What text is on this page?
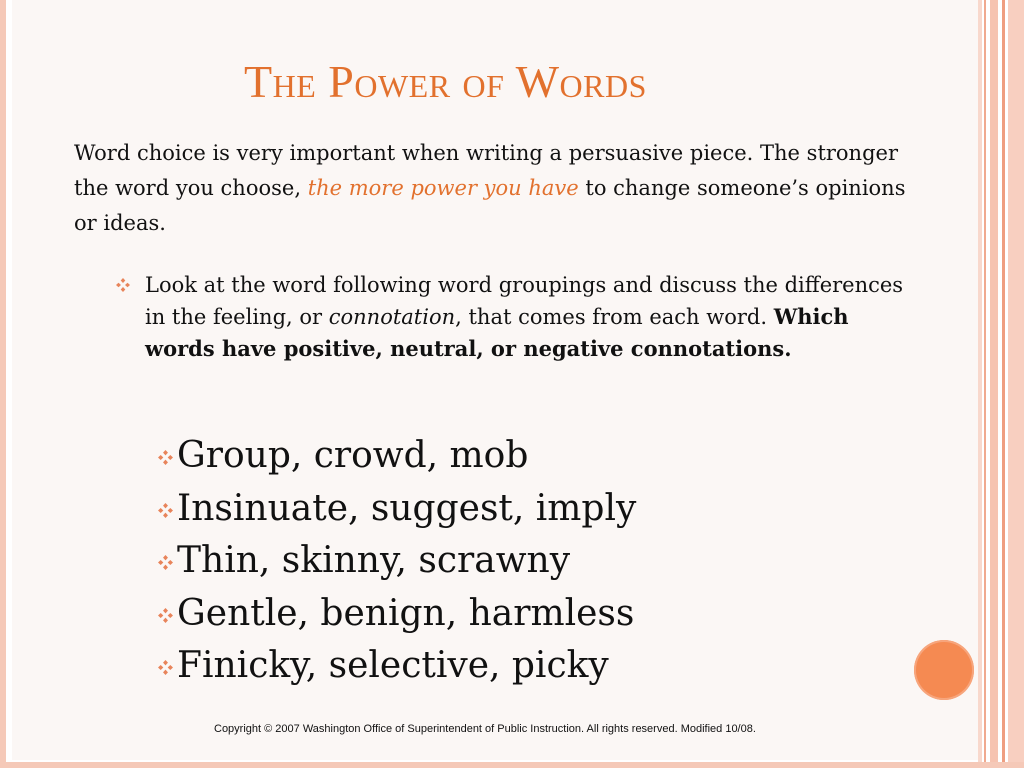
The Power of Words

Word choice is very important when writing a persuasive piece. The stronger the word you choose, the more power you have to change someone’s opinions or ideas.

Look at the word following word groupings and discuss the differences in the feeling, or connotation, that comes from each word. Which words have positive, neutral, or negative connotations.

Group, crowd, mob
Insinuate, suggest, imply
Thin, skinny, scrawny
Gentle, benign, harmless
Finicky, selective, picky

Copyright © 2007 Washington Office of Superintendent of Public Instruction. All rights reserved. Modified 10/08.
